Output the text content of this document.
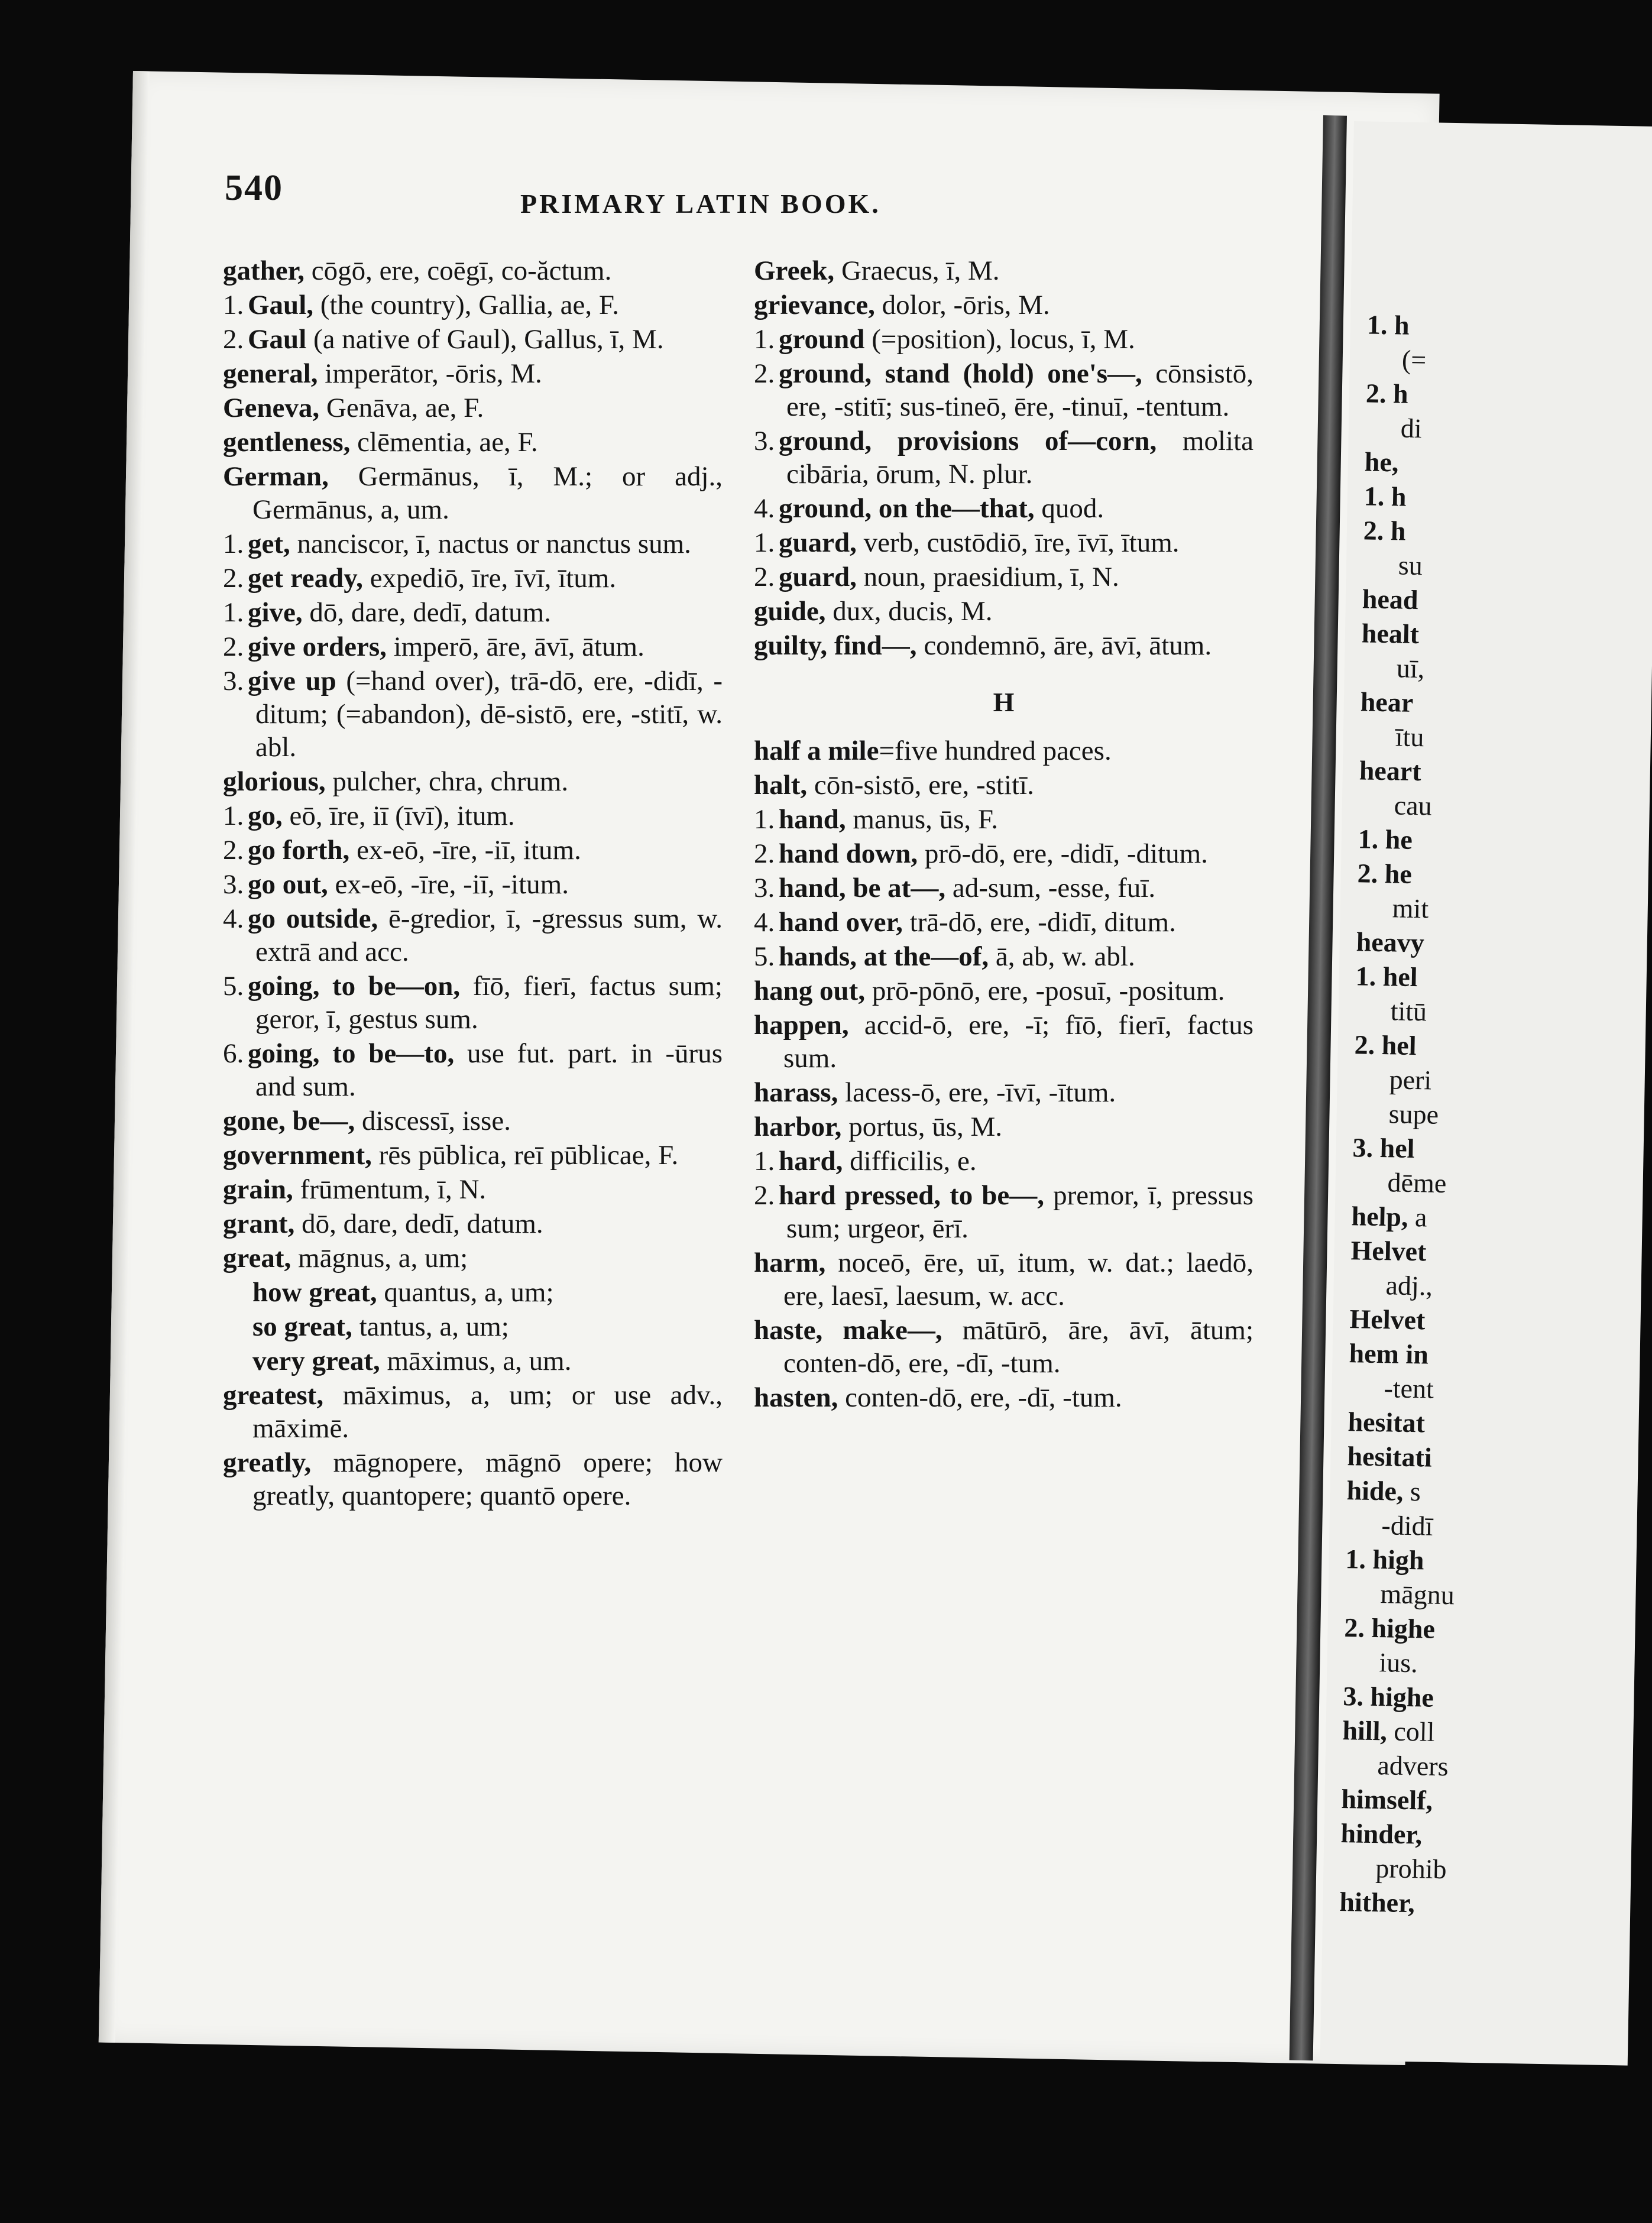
1. h
(=
2. h
di
he,
1. h
2. h
su
head
healt
uī,
hear
ītu
heart
cau
1. he
2. he
mit
heavy
1. hel
titū
2. hel
peri
supe
3. hel
dēme
help, a
Helvet
adj.,
Helvet
hem in
-tent
hesitat
hesitati
hide, s
-didī
1. high
māgnu
2. highe
ius.
3. highe
hill, coll
advers
himself,
hinder,
prohib
hither,
540	PRIMARY LATIN BOOK.
gather, cōgō, ere, coēgī, co-ăctum.
1. Gaul, (the country), Gallia, ae, F.
2. Gaul (a native of Gaul), Gallus, ī, M.
general, imperātor, -ōris, M.
Geneva, Genāva, ae, F.
gentleness, clēmentia, ae, F.
German, Germānus, ī, M.; or adj., Germānus, a, um.
1. get, nanciscor, ī, nactus or nanctus sum.
2. get ready, expediō, īre, īvī, ītum.
1. give, dō, dare, dedī, datum.
2. give orders, imperō, āre, āvī, ātum.
3. give up (=hand over), trā-dō, ere, -didī, -ditum; (=abandon), dē-sistō, ere, -stitī, w. abl.
glorious, pulcher, chra, chrum.
1. go, eō, īre, iī (īvī), itum.
2. go forth, ex-eō, -īre, -iī, itum.
3. go out, ex-eō, -īre, -iī, -itum.
4. go outside, ē-gredior, ī, -gressus sum, w. extrā and acc.
5. going, to be—on, fīō, fierī, factus sum; geror, ī, gestus sum.
6. going, to be—to, use fut. part. in -ūrus and sum.
gone, be—, discessī, isse.
government, rēs pūblica, reī pūblicae, F.
grain, frūmentum, ī, N.
grant, dō, dare, dedī, datum.
great, māgnus, a, um;
how great, quantus, a, um;
so great, tantus, a, um;
very great, māximus, a, um.
greatest, māximus, a, um; or use adv., māximē.
greatly, māgnopere, māgnō opere; how greatly, quantopere; quantō opere.
Greek, Graecus, ī, M.
grievance, dolor, -ōris, M.
1. ground (=position), locus, ī, M.
2. ground, stand (hold) one's—, cōnsistō, ere, -stitī; sus-tineō, ēre, -tinuī, -tentum.
3. ground, provisions of—corn, molita cibāria, ōrum, N. plur.
4. ground, on the—that, quod.
1. guard, verb, custōdiō, īre, īvī, ītum.
2. guard, noun, praesidium, ī, N.
guide, dux, ducis, M.
guilty, find—, condemnō, āre, āvī, ātum.
H
half a mile=five hundred paces.
halt, cōn-sistō, ere, -stitī.
1. hand, manus, ūs, F.
2. hand down, prō-dō, ere, -didī, -ditum.
3. hand, be at—, ad-sum, -esse, fuī.
4. hand over, trā-dō, ere, -didī, ditum.
5. hands, at the—of, ā, ab, w. abl.
hang out, prō-pōnō, ere, -posuī, -positum.
happen, accid-ō, ere, -ī; fīō, fierī, factus sum.
harass, lacess-ō, ere, -īvī, -ītum.
harbor, portus, ūs, M.
1. hard, difficilis, e.
2. hard pressed, to be—, premor, ī, pressus sum; urgeor, ērī.
harm, noceō, ēre, uī, itum, w. dat.; laedō, ere, laesī, laesum, w. acc.
haste, make—, mātūrō, āre, āvī, ātum; conten-dō, ere, -dī, -tum.
hasten, conten-dō, ere, -dī, -tum.
